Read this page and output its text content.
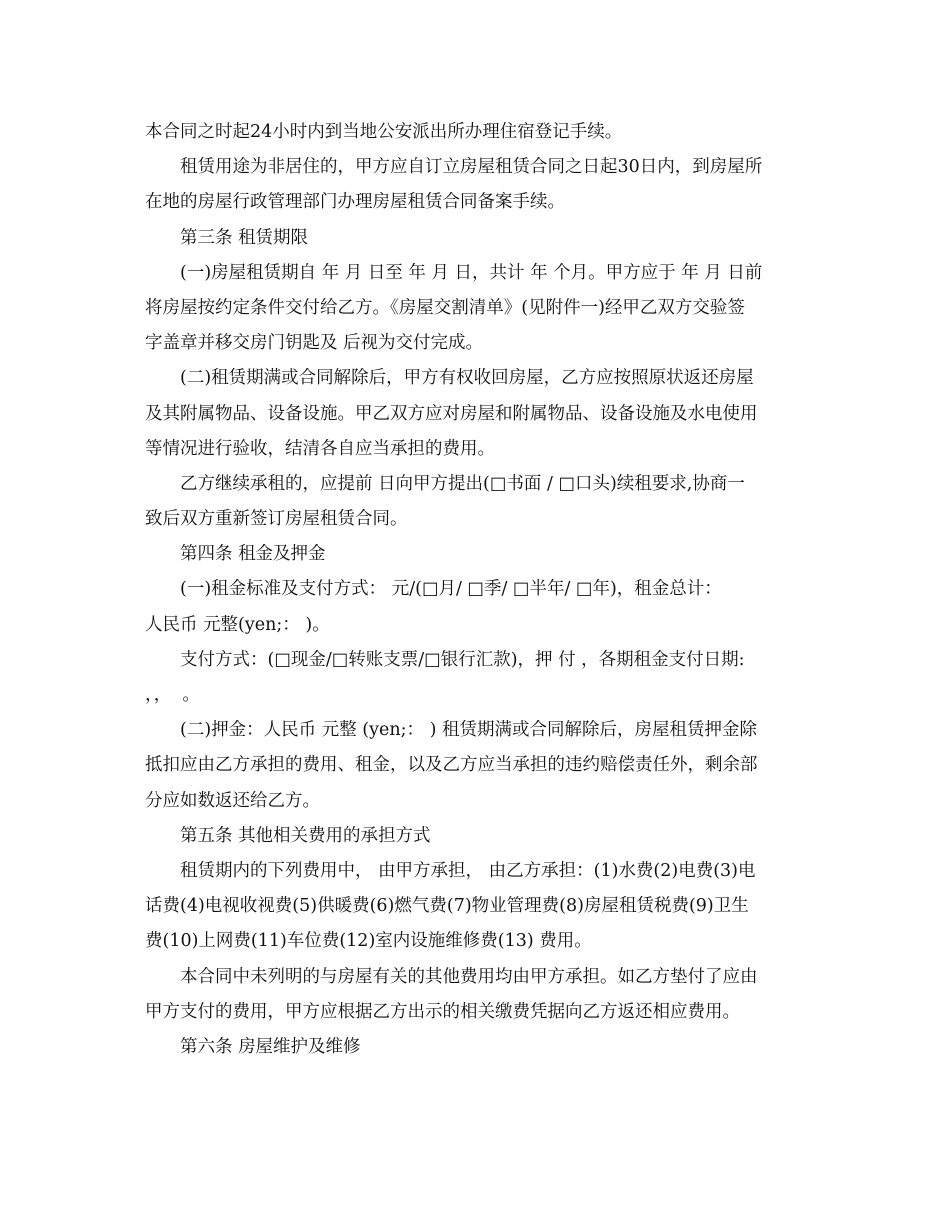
本合同之时起24小时内到当地公安派出所办理住宿登记手续。
租赁用途为非居住的，甲方应自订立房屋租赁合同之日起30日内，到房屋所
在地的房屋行政管理部门办理房屋租赁合同备案手续。
第三条 租赁期限
(一)房屋租赁期自 年 月 日至 年 月 日，共计 年 个月。甲方应于 年 月 日前
将房屋按约定条件交付给乙方。《房屋交割清单》(见附件一)经甲乙双方交验签
字盖章并移交房门钥匙及 后视为交付完成。
(二)租赁期满或合同解除后，甲方有权收回房屋，乙方应按照原状返还房屋
及其附属物品、设备设施。甲乙双方应对房屋和附属物品、设备设施及水电使用
等情况进行验收，结清各自应当承担的费用。
乙方继续承租的，应提前 日向甲方提出(□书面 / □口头)续租要求,协商一
致后双方重新签订房屋租赁合同。
第四条 租金及押金
(一)租金标准及支付方式： 元/(□月/ □季/ □半年/ □年)，租金总计：
人民币 元整(yen;： )。
支付方式：(□现金/□转账支票/□银行汇款)，押 付 ，各期租金支付日期:
，，  。
(二)押金：人民币 元整 (yen;： ) 租赁期满或合同解除后，房屋租赁押金除
抵扣应由乙方承担的费用、租金，以及乙方应当承担的违约赔偿责任外，剩余部
分应如数返还给乙方。
第五条 其他相关费用的承担方式
租赁期内的下列费用中， 由甲方承担， 由乙方承担：(1)水费(2)电费(3)电
话费(4)电视收视费(5)供暖费(6)燃气费(7)物业管理费(8)房屋租赁税费(9)卫生
费(10)上网费(11)车位费(12)室内设施维修费(13) 费用。
本合同中未列明的与房屋有关的其他费用均由甲方承担。如乙方垫付了应由
甲方支付的费用，甲方应根据乙方出示的相关缴费凭据向乙方返还相应费用。
第六条 房屋维护及维修
